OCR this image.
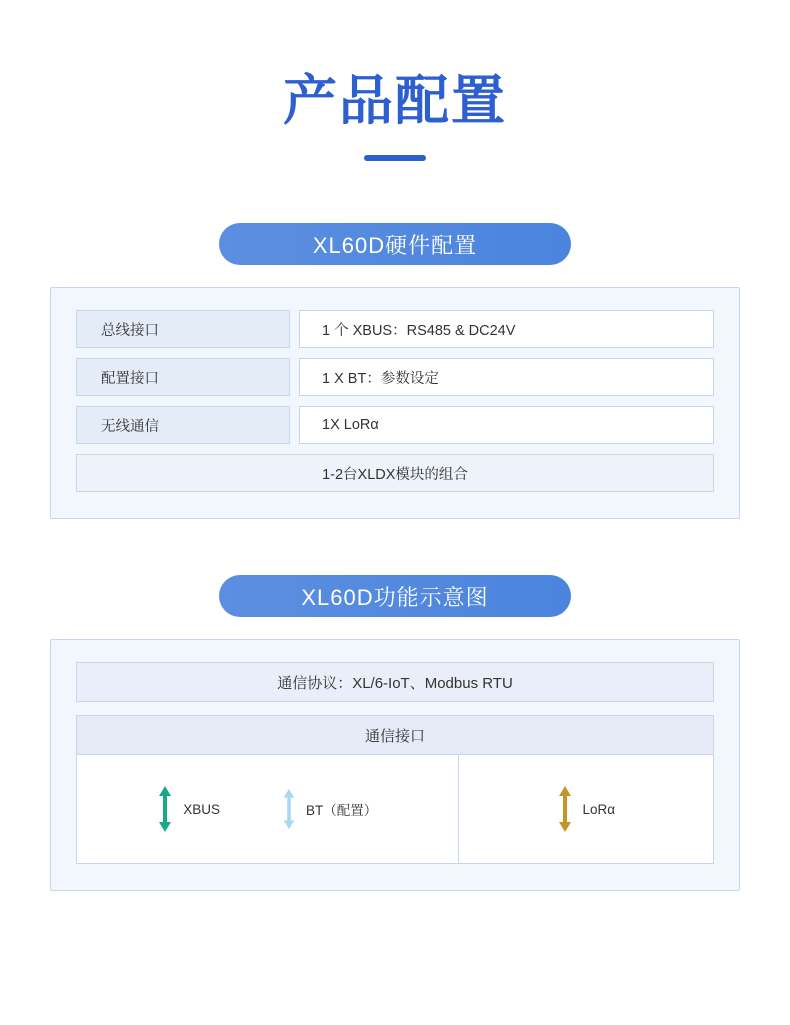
产品配置
XL60D硬件配置
总线接口	1 个 XBUS：RS485 & DC24V
配置接口	1 X BT：参数设定
无线通信	1X LoRα
1-2台XLDX模块的组合
XL60D功能示意图
通信协议：XL/6-IoT、Modbus RTU
通信接口
XBUS	BT（配置）	LoRα
